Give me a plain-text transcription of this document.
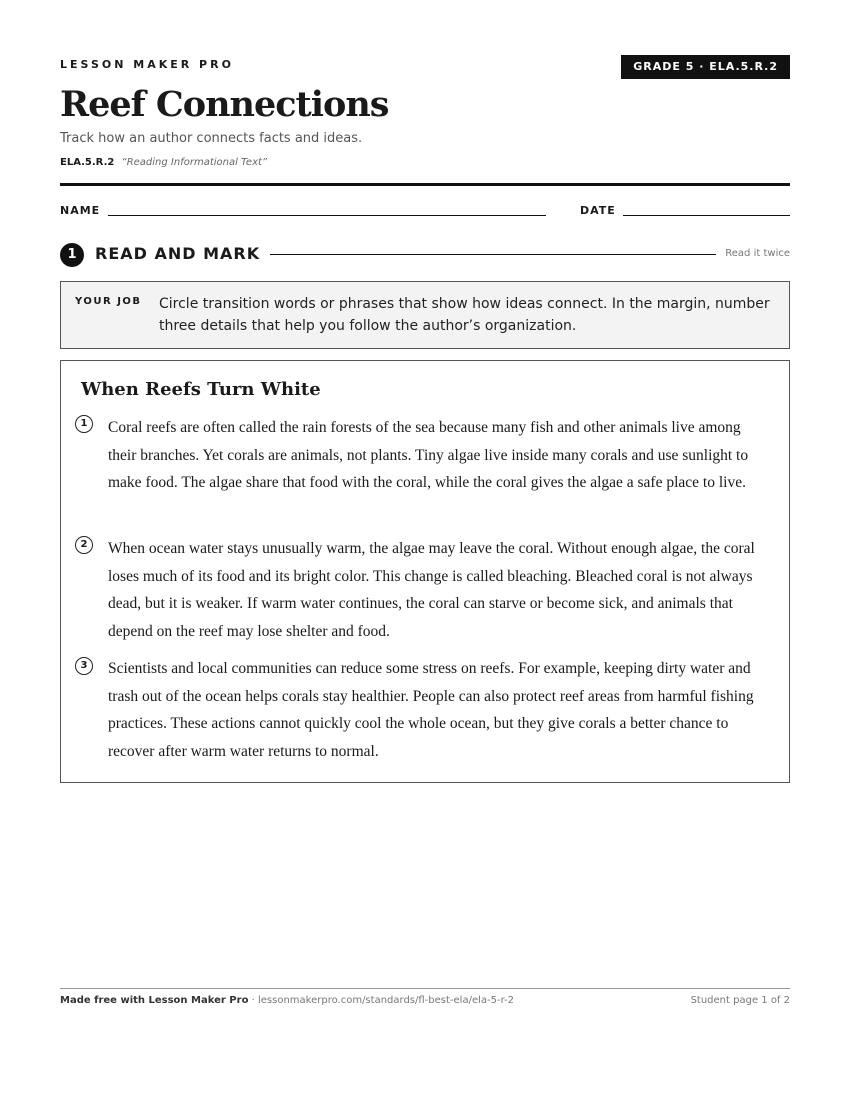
LESSON MAKER PRO	GRADE 5 · ELA.5.R.2
Reef Connections
Track how an author connects facts and ideas.
ELA.5.R.2 “Reading Informational Text”
NAME	DATE
1	READ AND MARK	Read it twice
YOUR JOB Circle transition words or phrases that show how ideas connect. In the margin, number three details that help you follow the author’s organization.
When Reefs Turn White
1	Coral reefs are often called the rain forests of the sea because many fish and other animals live among their branches. Yet corals are animals, not plants. Tiny algae live inside many corals and use sunlight to make food. The algae share that food with the coral, while the coral gives the algae a safe place to live.
2	When ocean water stays unusually warm, the algae may leave the coral. Without enough algae, the coral loses much of its food and its bright color. This change is called bleaching. Bleached coral is not always dead, but it is weaker. If warm water continues, the coral can starve or become sick, and animals that depend on the reef may lose shelter and food.
3	Scientists and local communities can reduce some stress on reefs. For example, keeping dirty water and trash out of the ocean helps corals stay healthier. People can also protect reef areas from harmful fishing practices. These actions cannot quickly cool the whole ocean, but they give corals a better chance to recover after warm water returns to normal.
Made free with Lesson Maker Pro · lessonmakerpro.com/standards/fl-best-ela/ela-5-r-2	Student page 1 of 2
